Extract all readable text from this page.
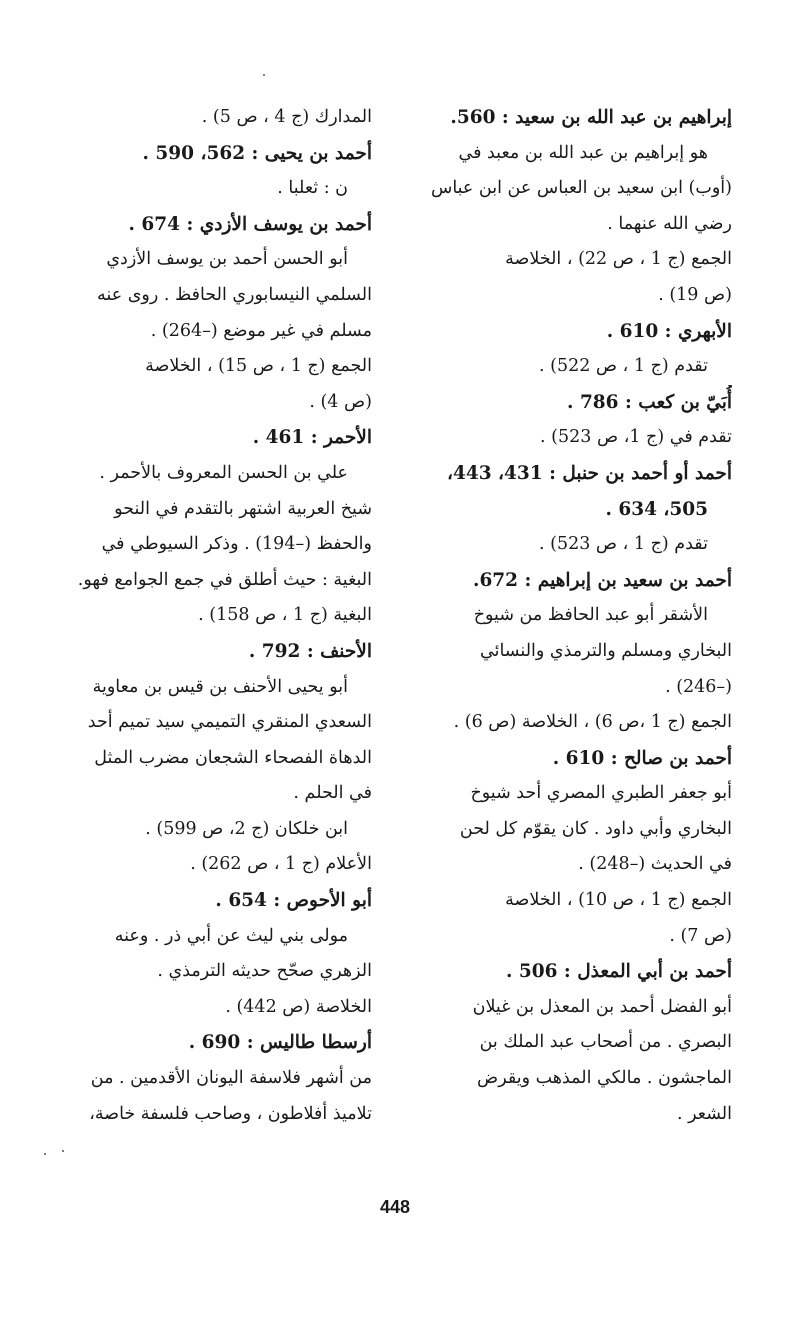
إبراهيم بن عبد الله بن سعيد : 560.
هو إبراهيم بن عبد الله بن معبد في
(أوب) ابن سعيد بن العباس عن ابن عباس
رضي الله عنهما .
الجمع (ج 1 ، ص 22) ، الخلاصة
(ص 19) .
الأبهري : 610 .
تقدم (ج 1 ، ص 522) .
أُبَيّ بن كعب : 786 .
تقدم في (ج 1، ص 523) .
أحمد أو أحمد بن حنبل : 431، 443،
505، 634 .
تقدم (ج 1 ، ص 523) .
أحمد بن سعيد بن إبراهيم : 672.
الأشقر أبو عبد الحافظ من شيوخ
البخاري ومسلم والترمذي والنسائي
(–246) .
الجمع (ج 1 ،ص 6) ، الخلاصة (ص 6) .
أحمد بن صالح : 610 .
أبو جعفر الطبري المصري أحد شيوخ
البخاري وأبي داود . كان يقوّم كل لحن
في الحديث (–248) .
الجمع (ج 1 ، ص 10) ، الخلاصة
(ص 7) .
أحمد بن أبي المعذل : 506 .
أبو الفضل أحمد بن المعذل بن غيلان
البصري . من أصحاب عبد الملك بن
الماجشون . مالكي المذهب ويقرض
الشعر .
المدارك (ج 4 ، ص 5) .
أحمد بن يحيى : 562، 590 .
ن : ثعلبا .
أحمد بن يوسف الأزدي : 674 .
أبو الحسن أحمد بن يوسف الأزدي
السلمي النيسابوري الحافظ . روى عنه
مسلم في غير موضع (–264) .
الجمع (ج 1 ، ص 15) ، الخلاصة
(ص 4) .
الأحمر : 461 .
علي بن الحسن المعروف بالأحمر .
شيخ العربية اشتهر بالتقدم في النحو
والحفظ (–194) . وذكر السيوطي في
البغية : حيث أطلق في جمع الجوامع فهو.
البغية (ج 1 ، ص 158) .
الأحنف : 792 .
أبو يحيى الأحنف بن قيس بن معاوية
السعدي المنقري التميمي سيد تميم أحد
الدهاة الفصحاء الشجعان مضرب المثل
في الحلم .
ابن خلكان (ج 2، ص 599) .
الأعلام (ج 1 ، ص 262) .
أبو الأحوص : 654 .
مولى بني ليث عن أبي ذر . وعنه
الزهري صحّح حديثه الترمذي .
الخلاصة (ص 442) .
أرسطا طاليس : 690 .
من أشهر فلاسفة اليونان الأقدمين . من
تلاميذ أفلاطون ، وصاحب فلسفة خاصة،
448
